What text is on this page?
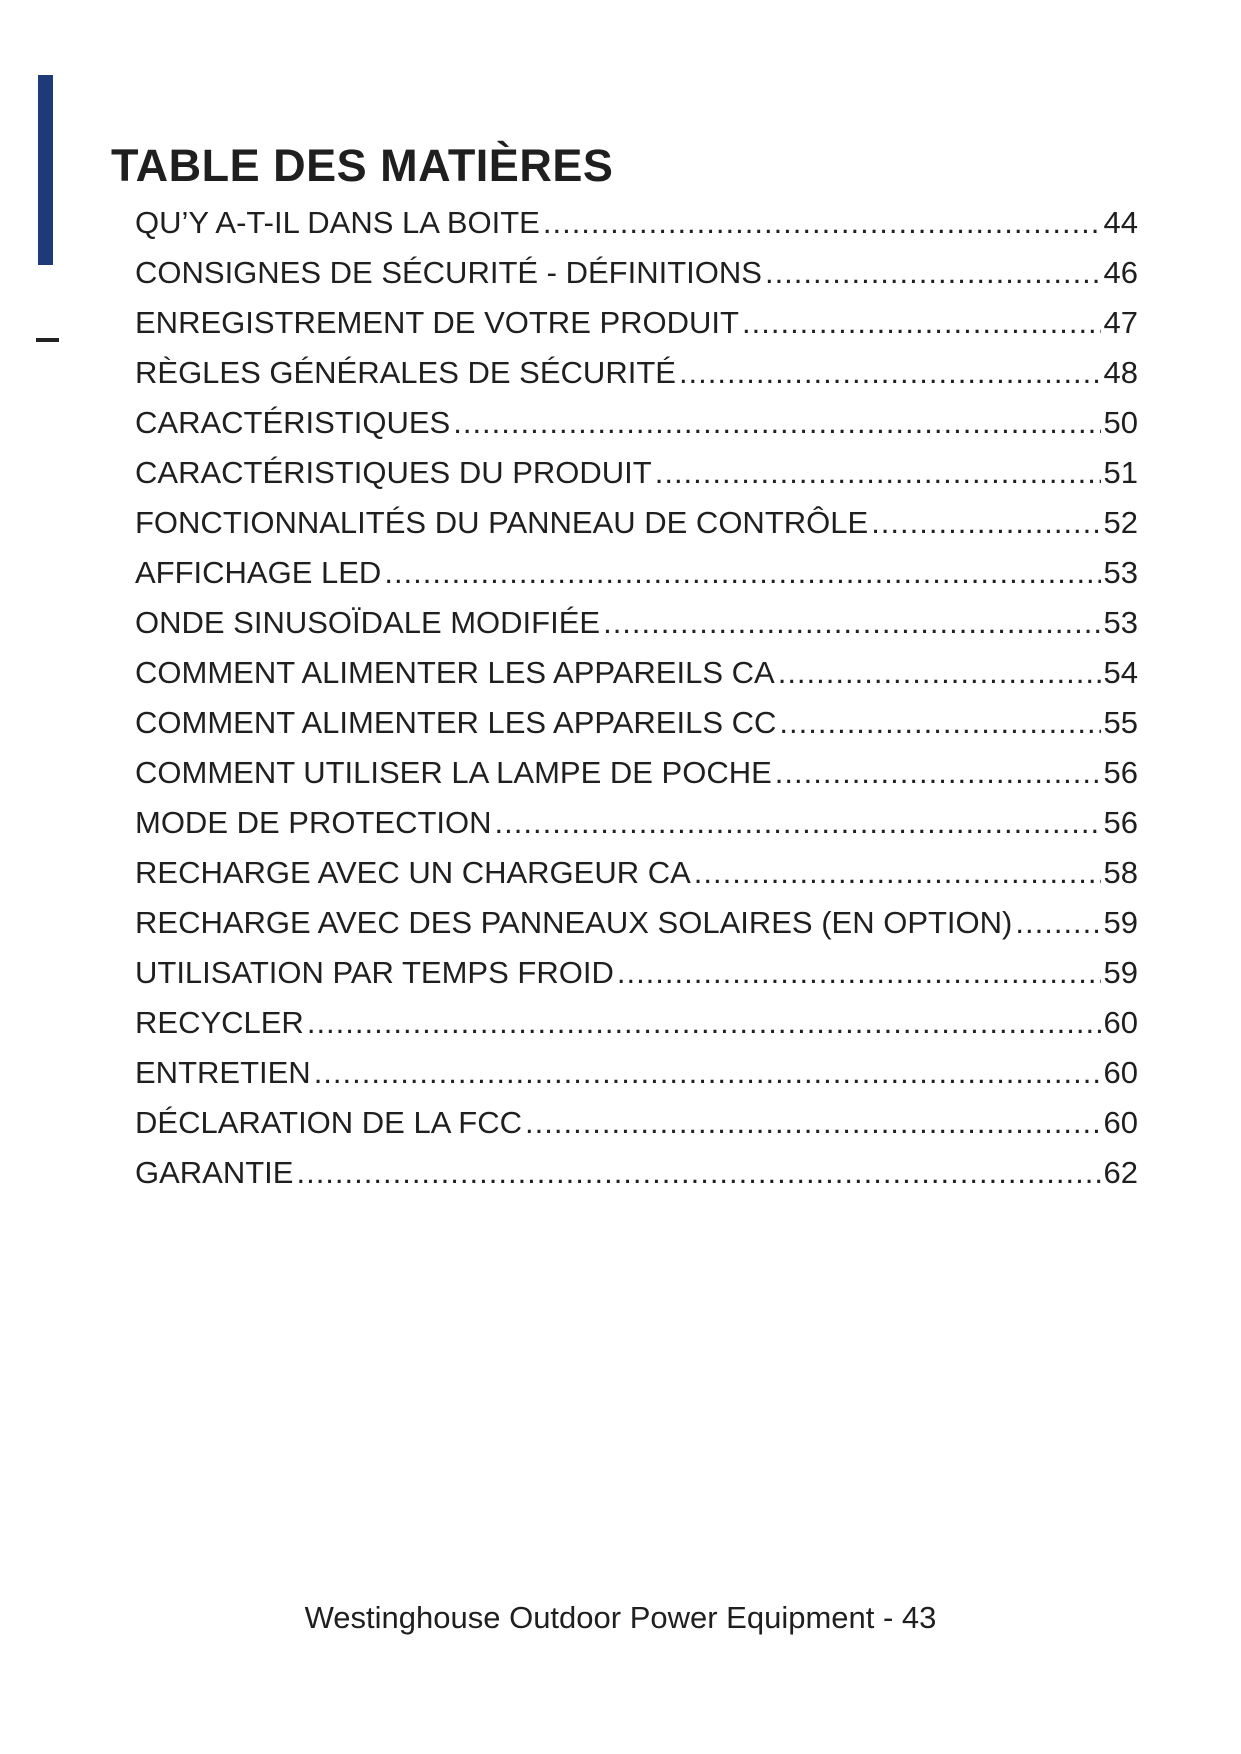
TABLE DES MATIÈRES
QU’Y A-T-IL DANS LA BOITE .....	44
CONSIGNES DE SÉCURITÉ - DÉFINITIONS .....	46
ENREGISTREMENT DE VOTRE PRODUIT .....	47
RÈGLES GÉNÉRALES DE SÉCURITÉ .....	48
CARACTÉRISTIQUES .....	50
CARACTÉRISTIQUES DU PRODUIT .....	51
FONCTIONNALITÉS DU PANNEAU DE CONTRÔLE .....	52
AFFICHAGE LED .....	53
ONDE SINUSOÏDALE MODIFIÉE .....	53
COMMENT ALIMENTER LES APPAREILS CA .....	54
COMMENT ALIMENTER LES APPAREILS CC .....	55
COMMENT UTILISER LA LAMPE DE POCHE .....	56
MODE DE PROTECTION .....	56
RECHARGE AVEC UN CHARGEUR CA .....	58
RECHARGE AVEC DES PANNEAUX SOLAIRES (EN OPTION) .....	59
UTILISATION PAR TEMPS FROID .....	59
RECYCLER .....	60
ENTRETIEN .....	60
DÉCLARATION DE LA FCC .....	60
GARANTIE .....	62
Westinghouse Outdoor Power Equipment - 43
